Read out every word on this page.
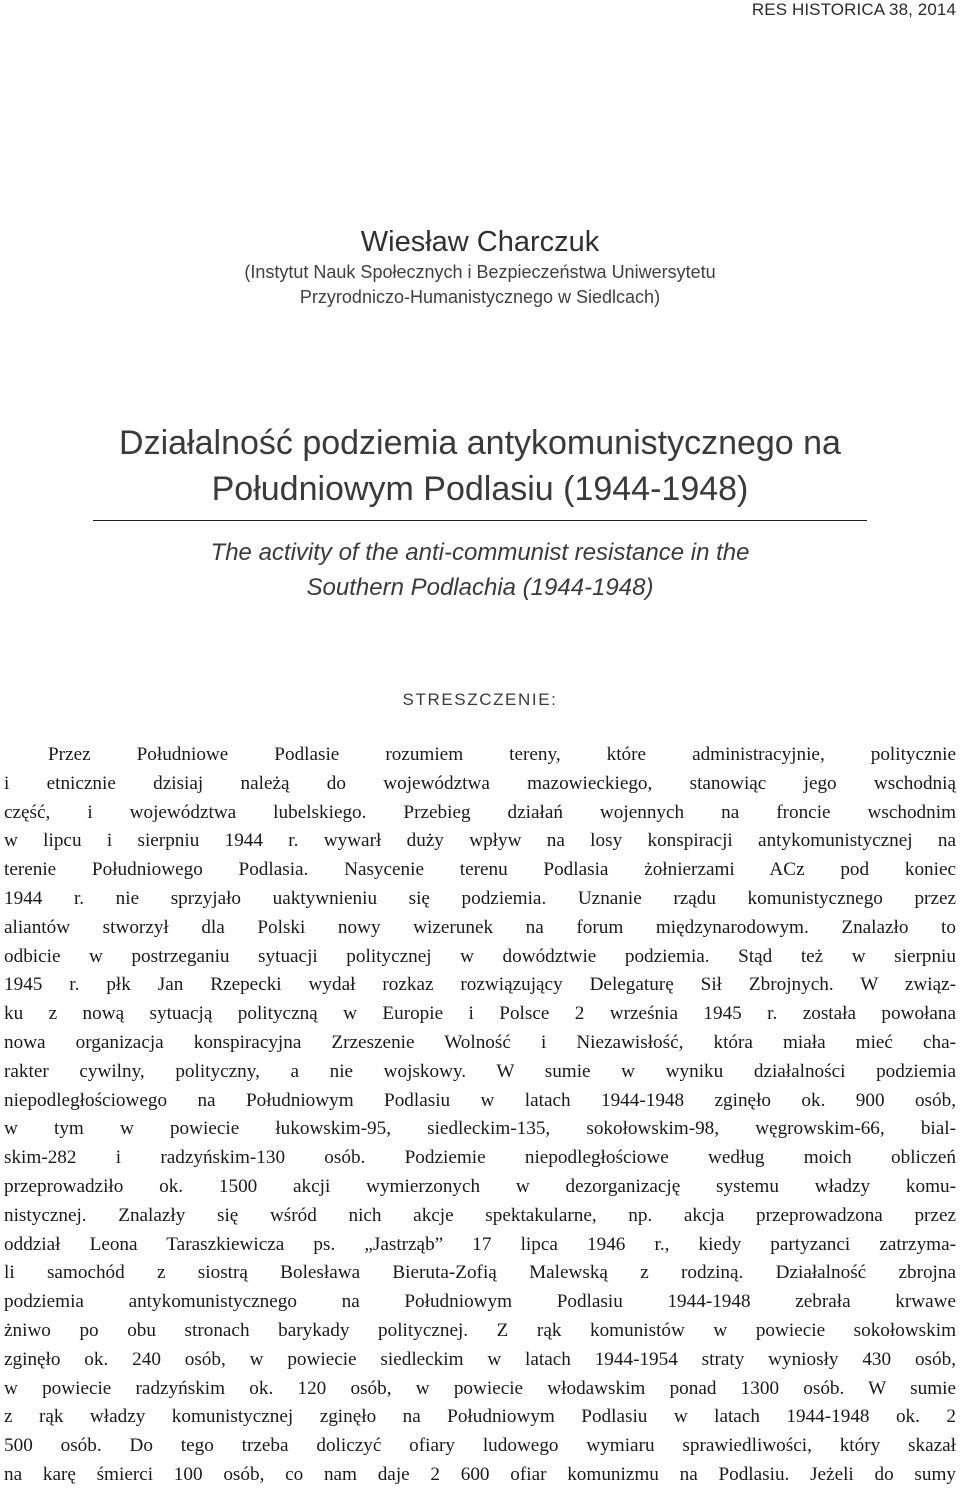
RES HISTORICA 38, 2014
Wiesław Charczuk
(Instytut Nauk Społecznych i Bezpieczeństwa Uniwersytetu
Przyrodniczo-Humanistycznego w Siedlcach)
Działalność podziemia antykomunistycznego na
Południowym Podlasiu (1944-1948)
The activity of the anti-communist resistance in the
Southern Podlachia (1944-1948)
STRESZCZENIE:
Przez Południowe Podlasie rozumiem tereny, które administracyjnie, politycznie
i etnicznie dzisiaj należą do województwa mazowieckiego, stanowiąc jego wschodnią
część, i województwa lubelskiego. Przebieg działań wojennych na froncie wschodnim
w lipcu i sierpniu 1944 r. wywarł duży wpływ na losy konspiracji antykomunistycznej na
terenie Południowego Podlasia. Nasycenie terenu Podlasia żołnierzami ACz pod koniec
1944 r. nie sprzyjało uaktywnieniu się podziemia. Uznanie rządu komunistycznego przez
aliantów stworzył dla Polski nowy wizerunek na forum międzynarodowym. Znalazło to
odbicie w postrzeganiu sytuacji politycznej w dowództwie podziemia. Stąd też w sierpniu
1945 r. płk Jan Rzepecki wydał rozkaz rozwiązujący Delegaturę Sił Zbrojnych. W związ-
ku z nową sytuacją polityczną w Europie i Polsce 2 września 1945 r. została powołana
nowa organizacja konspiracyjna Zrzeszenie Wolność i Niezawisłość, która miała mieć cha-
rakter cywilny, polityczny, a nie wojskowy. W sumie w wyniku działalności podziemia
niepodległościowego na Południowym Podlasiu w latach 1944-1948 zginęło ok. 900 osób,
w tym w powiecie łukowskim-95, siedleckim-135, sokołowskim-98, węgrowskim-66, bial-
skim-282 i radzyńskim-130 osób. Podziemie niepodległościowe według moich obliczeń
przeprowadziło ok. 1500 akcji wymierzonych w dezorganizację systemu władzy komu-
nistycznej. Znalazły się wśród nich akcje spektakularne, np. akcja przeprowadzona przez
oddział Leona Taraszkiewicza ps. „Jastrząb” 17 lipca 1946 r., kiedy partyzanci zatrzyma-
li samochód z siostrą Bolesława Bieruta-Zofią Malewską z rodziną. Działalność zbrojna
podziemia antykomunistycznego na Południowym Podlasiu 1944-1948 zebrała krwawe
żniwo po obu stronach barykady politycznej. Z rąk komunistów w powiecie sokołowskim
zginęło ok. 240 osób, w powiecie siedleckim w latach 1944-1954 straty wyniosły 430 osób,
w powiecie radzyńskim ok. 120 osób, w powiecie włodawskim ponad 1300 osób. W sumie
z rąk władzy komunistycznej zginęło na Południowym Podlasiu w latach 1944-1948 ok. 2
500 osób. Do tego trzeba doliczyć ofiary ludowego wymiaru sprawiedliwości, który skazał
na karę śmierci 100 osób, co nam daje 2 600 ofiar komunizmu na Podlasiu. Jeżeli do sumy
